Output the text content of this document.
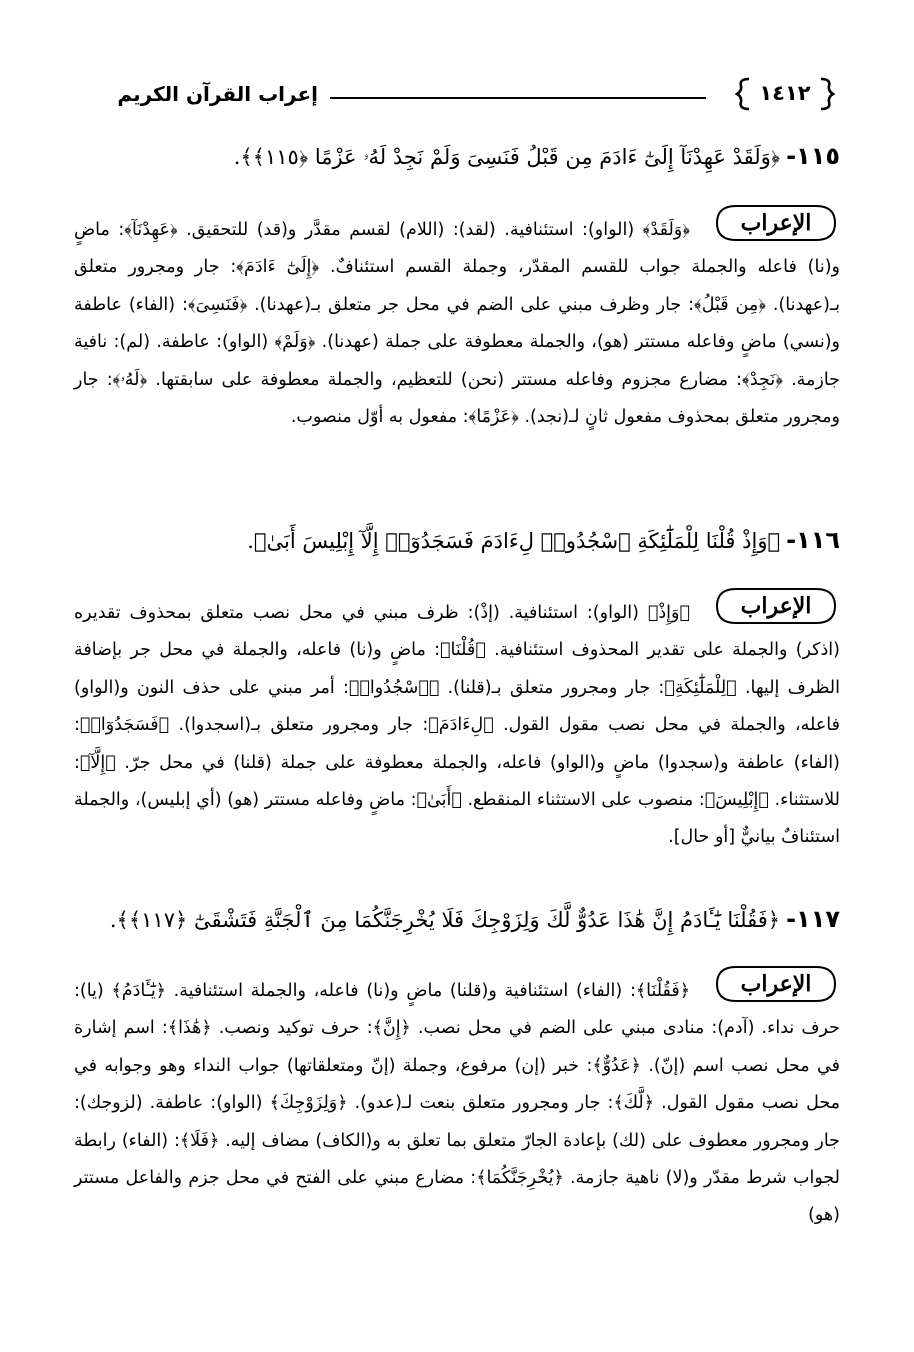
١٤١٢
إعراب القرآن الكريم
١١٥-﴿وَلَقَدْ عَهِدْنَآ إِلَىٰٓ ءَادَمَ مِن قَبْلُ فَنَسِىَ وَلَمْ نَجِدْ لَهُۥ عَزْمًا ﴿١١٥﴾﴾.
الإعراب

﴿وَلَقَدْ﴾ (الواو): استئنافية. (لقد): (اللام) لقسم مقدَّر و(قد) للتحقيق. ﴿عَهِدْنَآ﴾: ماضٍ و(نا) فاعله والجملة جواب للقسم المقدّر، وجملة القسم استئنافٌ. ﴿إِلَىٰٓ ءَادَمَ﴾: جار ومجرور متعلق بـ(عهدنا). ﴿مِن قَبْلُ﴾: جار وظرف مبني على الضم في محل جر متعلق بـ(عهدنا). ﴿فَنَسِىَ﴾: (الفاء) عاطفة و(نسي) ماضٍ وفاعله مستتر (هو)، والجملة معطوفة على جملة (عهدنا). ﴿وَلَمْ﴾ (الواو): عاطفة. (لم): نافية جازمة. ﴿نَجِدْ﴾: مضارع مجزوم وفاعله مستتر (نحن) للتعظيم، والجملة معطوفة على سابقتها. ﴿لَهُۥ﴾: جار ومجرور متعلق بمحذوف مفعول ثانٍ لـ(نجد). ﴿عَزْمًا﴾: مفعول به أوّل منصوب.

١١٦-﴿وَإِذْ قُلْنَا لِلْمَلَٰٓئِكَةِ ٱسْجُدُوا۟ لِءَادَمَ فَسَجَدُوٓا۟ إِلَّآ إِبْلِيسَ أَبَىٰ﴾.
الإعراب

﴿وَإِذْ﴾ (الواو): استئنافية. (إذْ): ظرف مبني في محل نصب متعلق بمحذوف تقديره (اذكر) والجملة على تقدير المحذوف استئنافية. ﴿قُلْنَا﴾: ماضٍ و(نا) فاعله، والجملة في محل جر بإضافة الظرف إليها. ﴿لِلْمَلَٰٓئِكَةِ﴾: جار ومجرور متعلق بـ(قلنا). ﴿ٱسْجُدُوا۟﴾: أمر مبني على حذف النون و(الواو) فاعله، والجملة في محل نصب مقول القول. ﴿لِءَادَمَ﴾: جار ومجرور متعلق بـ(اسجدوا). ﴿فَسَجَدُوٓا۟﴾: (الفاء) عاطفة و(سجدوا) ماضٍ و(الواو) فاعله، والجملة معطوفة على جملة (قلنا) في محل جرّ. ﴿إِلَّآ﴾: للاستثناء. ﴿إِبْلِيسَ﴾: منصوب على الاستثناء المنقطع. ﴿أَبَىٰ﴾: ماضٍ وفاعله مستتر (هو) (أي إبليس)، والجملة استئنافٌ بيانيٌّ [أو حال].

١١٧-﴿فَقُلْنَا يَٰٓـَٔادَمُ إِنَّ هَٰذَا عَدُوٌّ لَّكَ وَلِزَوْجِكَ فَلَا يُخْرِجَنَّكُمَا مِنَ ٱلْجَنَّةِ فَتَشْقَىٰٓ ﴿١١٧﴾﴾.
الإعراب

﴿فَقُلْنَا﴾: (الفاء) استئنافية و(قلنا) ماضٍ و(نا) فاعله، والجملة استئنافية. ﴿يَٰٓـَٔادَمُ﴾ (يا): حرف نداء. (آدم): منادى مبني على الضم في محل نصب. ﴿إِنَّ﴾: حرف توكيد ونصب. ﴿هَٰذَا﴾: اسم إشارة في محل نصب اسم (إنّ). ﴿عَدُوٌّ﴾: خبر (إن) مرفوع، وجملة (إنّ ومتعلقاتها) جواب النداء وهو وجوابه في محل نصب مقول القول. ﴿لَّكَ﴾: جار ومجرور متعلق بنعت لـ(عدو). ﴿وَلِزَوْجِكَ﴾ (الواو): عاطفة. (لزوجك): جار ومجرور معطوف على (لك) بإعادة الجارّ متعلق بما تعلق به و(الكاف) مضاف إليه. ﴿فَلَا﴾: (الفاء) رابطة لجواب شرط مقدّر و(لا) ناهية جازمة. ﴿يُخْرِجَنَّكُمَا﴾: مضارع مبني على الفتح في محل جزم والفاعل مستتر (هو)
